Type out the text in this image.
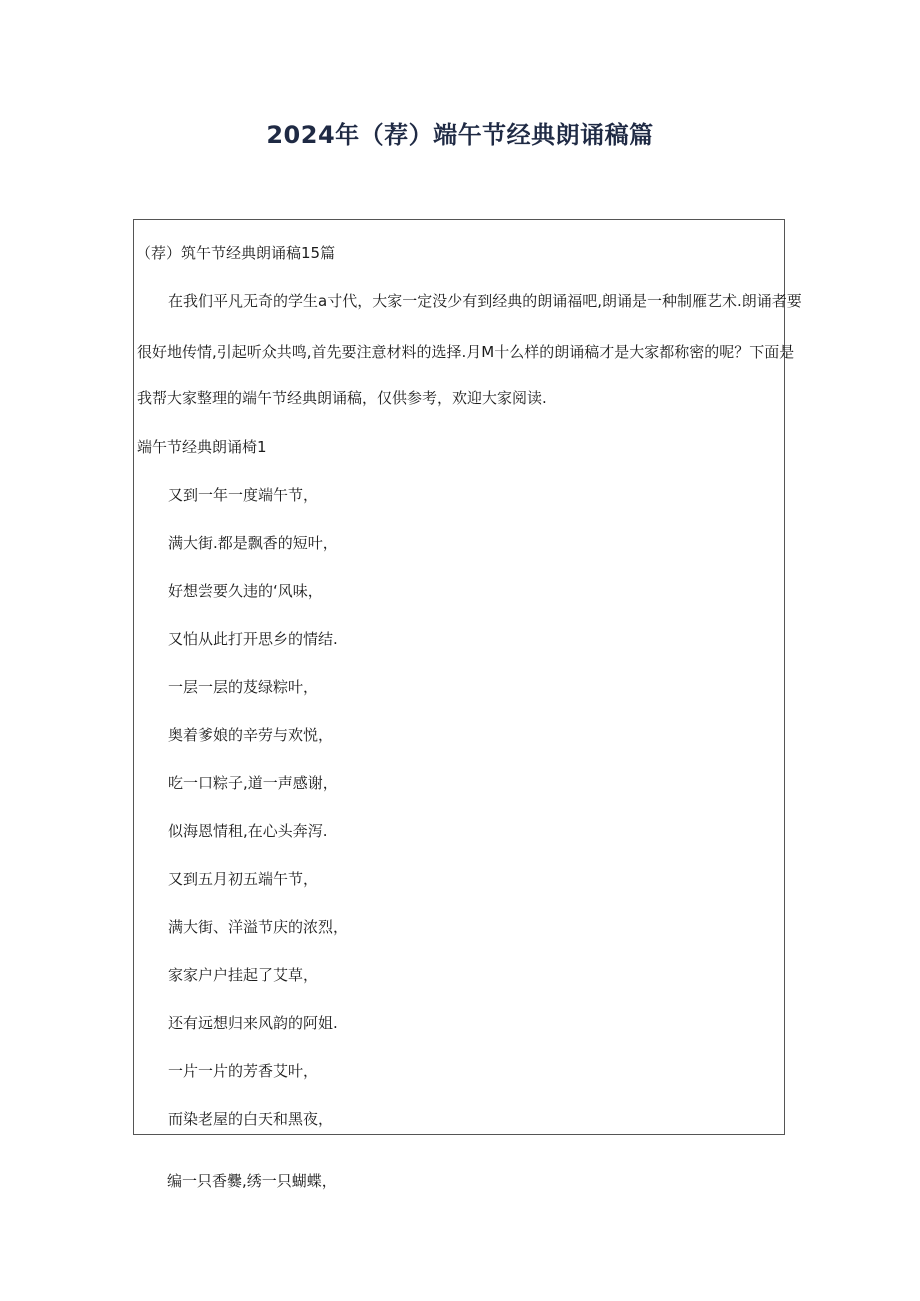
2024年（荐）端午节经典朗诵稿篇
（荐）筑午节经典朗诵稿15篇
在我们平凡无奇的学生a寸代，大家一定没少有到经典的朗诵福吧,朗诵是一种制雁艺术.朗诵者要
很好地传情,引起听众共鸣,首先要注意材料的选择.月M十么样的朗诵稿才是大家都称密的呢？下面是
我帮大家整理的端午节经典朗诵稿，仅供参考，欢迎大家阅读.
端午节经典朗诵椅1
又到一年一度端午节，
满大街.都是飘香的短叶，
好想尝要久违的‘风味，
又怕从此打开思乡的情结.
一层一层的芨绿粽叶，
奥着爹娘的辛劳与欢悦，
吃一口粽子,道一声感谢，
似海恩情租,在心头奔泻.
又到五月初五端午节，
满大街、洋溢节庆的浓烈，
家家户户挂起了艾草，
还有远想归来风韵的阿姐.
一片一片的芳香艾叶，
而染老屋的白天和黑夜，
编一只香爨,绣一只蝴蝶，
